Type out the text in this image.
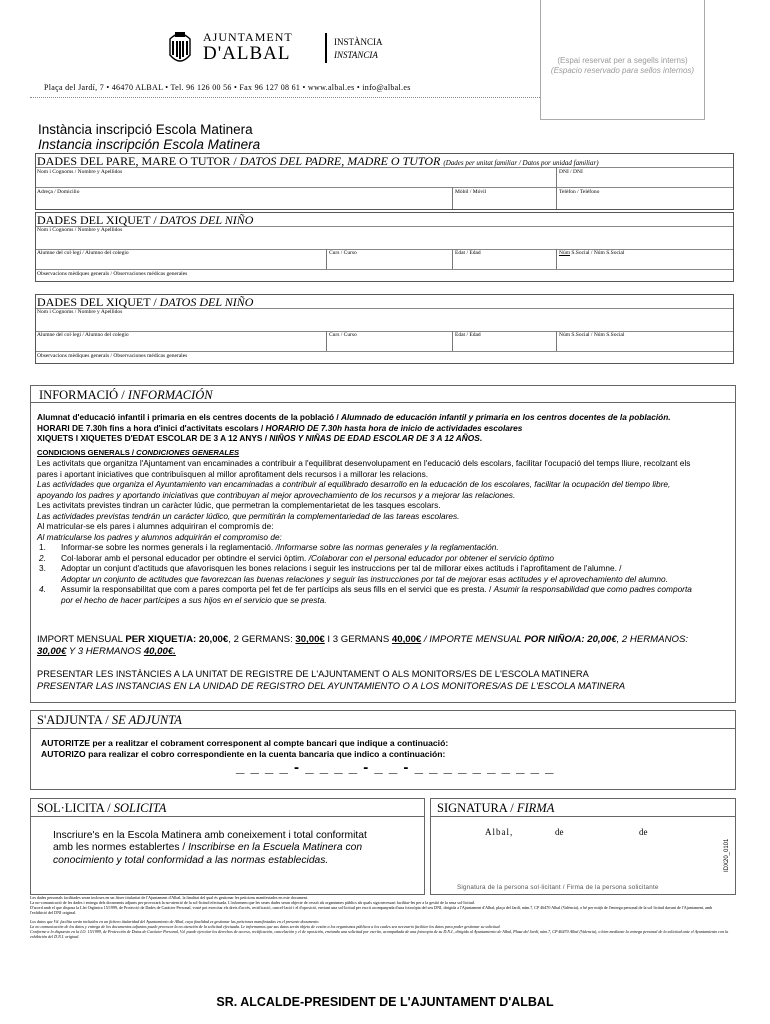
AJUNTAMENT
D'ALBAL
INSTÀNCIA
INSTANCIA
(Espai reservat per a segells interns)
(Espacio reservado para sellos internos)
Plaça del Jardí, 7 • 46470 ALBAL • Tel. 96 126 00 56 • Fax 96 127 08 61 • www.albal.es • info@albal.es
Instància inscripció Escola Matinera
Instancia inscripción Escola Matinera
DADES DEL PARE, MARE O TUTOR / DATOS DEL PADRE, MADRE O TUTOR (Dades per unitat familiar / Datos por unidad familiar)
Nom i Cognoms / Nombre y Apellidos	DNI / DNI
Adreça / Domicilio	Mòbil / Móvil	Telèfon / Teléfono
DADES DEL XIQUET / DATOS DEL NIÑO
Nom i Cognoms / Nombre y Apellidos
Alumne del col·legi / Alumno del colegio	Curs / Curso	Edat / Edad	Núm S.Social / Núm S.Social
Observacions mèdiques generals / Observaciones médicas generales
DADES DEL XIQUET / DATOS DEL NIÑO
Nom i Cognoms / Nombre y Apellidos
Alumne del col·legi / Alumno del colegio	Curs / Curso	Edat / Edad	Núm S.Social / Núm S.Social
Observacions mèdiques generals / Observaciones médicas generales
INFORMACIÓ / INFORMACIÓN

Alumnat d'educació infantil i primaria en els centres docents de la població / Alumnado de educación infantil y primaria en los centros docentes de la población.

HORARI DE 7.30h fins a hora d'inici d'activitats escolars / HORARIO DE 7.30h hasta hora de inicio de actividades escolares

XIQUETS I XIQUETES D'EDAT ESCOLAR DE 3 A 12 ANYS / NIÑOS Y NIÑAS DE EDAD ESCOLAR DE 3 A 12 AÑOS.

CONDICIONS GENERALS / CONDICIONES GENERALES

Les activitats que organitza l'Ajuntament van encaminades a contribuir a l'equilibrat desenvolupament en l'educació dels escolars, facilitar l'ocupació del temps lliure, recolzant els pares i aportant iniciatives que contribuïsquen al millor aprofitament dels recursos i a millorar les relacions.

Las actividades que organiza el Ayuntamiento van encaminadas a contribuir al equilibrado desarrollo en la educación de los escolares, facilitar la ocupación del tiempo libre, apoyando los padres y aportando iniciativas que contribuyan al mejor aprovechamiento de los recursos y a mejorar las relaciones.

Les activitats previstes tindran un caràcter lúdic, que permetran la complementarietat de les tasques escolars.

Las actividades previstas tendrán un carácter lúdico, que permitirán la complementariedad de las tareas escolares.

Al matricular-se els pares i alumnes adquiriran el compromís de:

Al matricularse los padres y alumnos adquirirán el compromiso de:

1. Informar-se sobre les normes generals i la reglamentació. /Informarse sobre las normas generales y la reglamentación.
2. Col·laborar amb el personal educador per obtindre el servici òptim. /Colaborar con el personal educador por obtener el servicio óptimo
3. Adoptar un conjunt d'actituds que afavorisquen les bones relacions i seguir les instruccions per tal de millorar eixes actituds i l'aprofitament de l'alumne. /
Adoptar un conjunto de actitudes que favorezcan las buenas relaciones y seguir las instrucciones por tal de mejorar esas actitudes y el aprovechamiento del alumno.
4. Assumir la responsabilitat que com a pares comporta pel fet de fer partícips als seus fills en el servici que es presta. / Asumir la responsabilidad que como padres comporta por el hecho de hacer partícipes a sus hijos en el servicio que se presta.
IMPORT MENSUAL PER XIQUET/A: 20,00€, 2 GERMANS: 30,00€ I 3 GERMANS 40,00€ / IMPORTE MENSUAL POR NIÑO/A: 20,00€, 2 HERMANOS: 30,00€ Y 3 HERMANOS 40,00€.
PRESENTAR LES INSTÀNCIES A LA UNITAT DE REGISTRE DE L'AJUNTAMENT O ALS MONITORS/ES DE L'ESCOLA MATINERA
PRESENTAR LAS INSTANCIAS EN LA UNIDAD DE REGISTRO DEL AYUNTAMIENTO O A LOS MONITORES/AS DE L'ESCOLA MATINERA
S'ADJUNTA / SE ADJUNTA
AUTORITZE per a realitzar el cobrament corresponent al compte bancari que indique a continuació:
AUTORIZO para realizar el cobro correspondiente en la cuenta bancaria que indico a continuación:
_ _ _ _ - _ _ _ _ - _ _ - _ _ _ _ _ _ _ _ _ _
SOL·LICITA / SOLICITA
Inscriure's en la Escola Matinera amb coneixement i total conformitat amb les normes establertes / Inscribirse en la Escuela Matinera con conocimiento y total conformidad a las normas establecidas.
SIGNATURA / FIRMA
Albal,	de	de
Signatura de la persona sol·licitant / Firma de la persona solicitante
IDX20_0101
Les dades personals facilitades seran incloses en un fitxer titularitat de l'Ajuntament d'Albal, la finalitat del qual és gestionar les peticions manifestades en este document.
La no-comunicació de les dades i entrega dels documents adjunts per provocarà la no-atenció de la sol·licitud efectuada. L'informem que les seues dades seran objecte de cessió als organismes públics als quals siga necessari facilitar-les per a la gestió de la seua sol·licitud.
D'acord amb el que disposa la Llei Orgànica 15/1999, de Protecció de Dades de Caràcter Personal, vosté pot exercitar els drets d'accés, rectificació, cancel·lació i el d'oposició, enviant una sol·licitud per escrit acompanyada d'una fotocòpia del seu DNI, dirigida a l'Ajuntament d'Albal, plaça del Jardí, núm.7, CP 46470 Albal (València), o bé per mitjà de l'entrega personal de la sol·licitud davant de l'Ajuntament, amb l'exhibició del DNI original.
Los datos que Vd. facilita serán incluidos en un fichero titularidad del Ayuntamiento de Albal, cuya finalidad es gestionar las peticiones manifestadas en el presente documento.
La no comunicación de los datos y entrega de los documentos adjuntos puede provocar la no atención de la solicitud efectuada. Le informamos que sus datos serán objeto de cesión a los organismos públicos a los cuales sea necesario facilitar los datos para poder gestionar su solicitud.
Conforme a lo dispuesto en la LO. 15/1999, de Protección de Datos de Carácter Personal, Vd. puede ejercitar los derechos de acceso, rectificación, cancelación y el de oposición, enviando una solicitud por escrito, acompañada de una fotocopia de su D.N.I., dirigida al Ayuntamiento de Albal, Plaza del Jardí, núm.7, CP 46470 Albal (Valencia), o bien mediante la entrega personal de la solicitud ante el Ayuntamiento con la exhibición del D.N.I. original.
SR. ALCALDE-PRESIDENT DE L'AJUNTAMENT D'ALBAL
